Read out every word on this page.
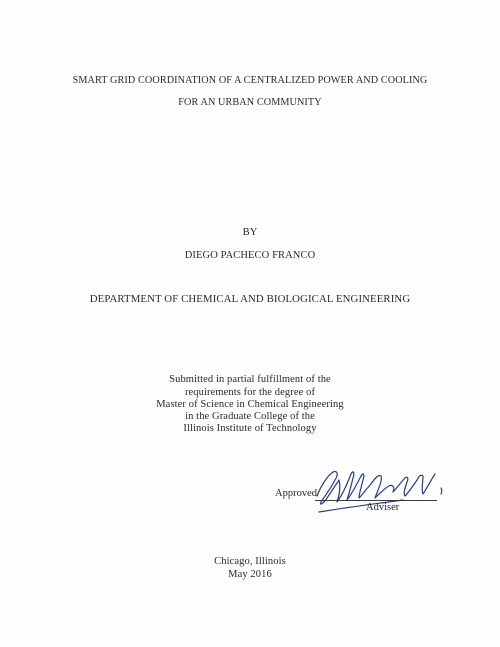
SMART GRID COORDINATION OF A CENTRALIZED POWER AND COOLING
FOR AN URBAN COMMUNITY
BY
DIEGO PACHECO FRANCO
DEPARTMENT OF CHEMICAL AND BIOLOGICAL ENGINEERING
Submitted in partial fulfillment of the
requirements for the degree of
Master of Science in Chemical Engineering
in the Graduate College of the
Illinois Institute of Technology
Approved
Adviser
Chicago, Illinois
May 2016
